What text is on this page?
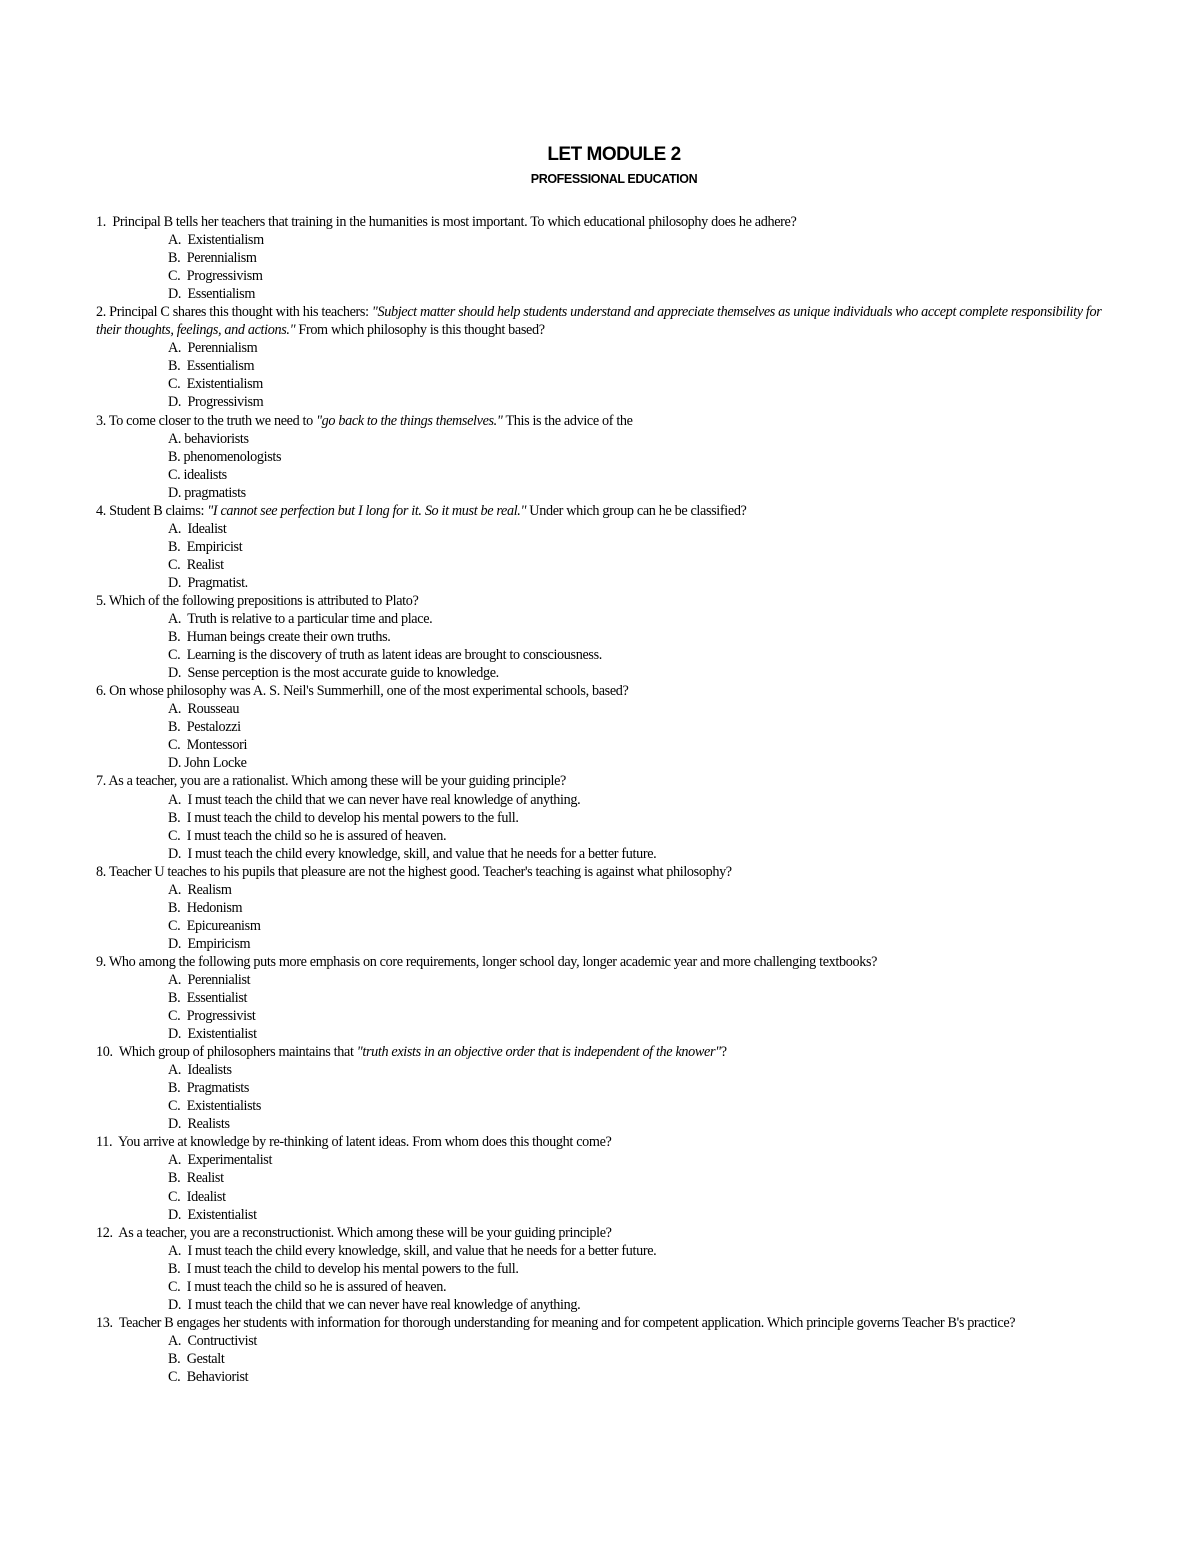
LET MODULE 2
PROFESSIONAL EDUCATION
1.  Principal B tells her teachers that training in the humanities is most important. To which educational philosophy does he adhere?
A.  Existentialism
B.  Perennialism
C.  Progressivism
D.  Essentialism
2. Principal C shares this thought with his teachers: "Subject matter should help students understand and appreciate themselves as unique individuals who accept complete responsibility for their thoughts, feelings, and actions." From which philosophy is this thought based?
A.  Perennialism
B.  Essentialism
C.  Existentialism
D.  Progressivism
3. To come closer to the truth we need to "go back to the things themselves." This is the advice of the
A. behaviorists
B. phenomenologists
C. idealists
D. pragmatists
4. Student B claims: "I cannot see perfection but I long for it. So it must be real." Under which group can he be classified?
A.  Idealist
B.  Empiricist
C.  Realist
D.  Pragmatist.
5. Which of the following prepositions is attributed to Plato?
A.  Truth is relative to a particular time and place.
B.  Human beings create their own truths.
C.  Learning is the discovery of truth as latent ideas are brought to consciousness.
D.  Sense perception is the most accurate guide to knowledge.
6. On whose philosophy was A. S. Neil's Summerhill, one of the most experimental schools, based?
A.  Rousseau
B.  Pestalozzi
C.  Montessori
D. John Locke
7. As a teacher, you are a rationalist. Which among these will be your guiding principle?
A.  I must teach the child that we can never have real knowledge of anything.
B.  I must teach the child to develop his mental powers to the full.
C.  I must teach the child so he is assured of heaven.
D.  I must teach the child every knowledge, skill, and value that he needs for a better future.
8. Teacher U teaches to his pupils that pleasure are not the highest good. Teacher's teaching is against what philosophy?
A.  Realism
B.  Hedonism
C.  Epicureanism
D.  Empiricism
9. Who among the following puts more emphasis on core requirements, longer school day, longer academic year and more challenging textbooks?
A.  Perennialist
B.  Essentialist
C.  Progressivist
D.  Existentialist
10.  Which group of philosophers maintains that "truth exists in an objective order that is independent of the knower"?
A.  Idealists
B.  Pragmatists
C.  Existentialists
D.  Realists
11.  You arrive at knowledge by re-thinking of latent ideas. From whom does this thought come?
A.  Experimentalist
B.  Realist
C.  Idealist
D.  Existentialist
12.  As a teacher, you are a reconstructionist. Which among these will be your guiding principle?
A.  I must teach the child every knowledge, skill, and value that he needs for a better future.
B.  I must teach the child to develop his mental powers to the full.
C.  I must teach the child so he is assured of heaven.
D.  I must teach the child that we can never have real knowledge of anything.
13.  Teacher B engages her students with information for thorough understanding for meaning and for competent application. Which principle governs Teacher B's practice?
A.  Contructivist
B.  Gestalt
C.  Behaviorist
